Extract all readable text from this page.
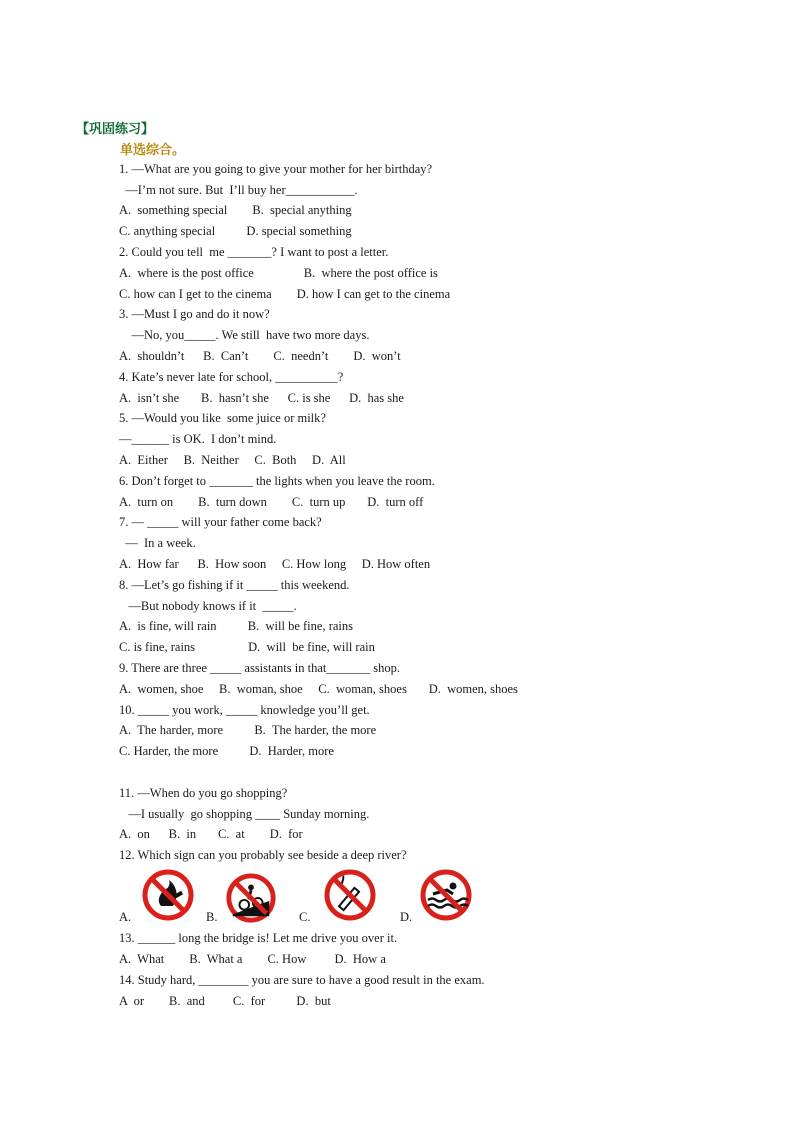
【巩固练习】
单选综合。
1. —What are you going to give your mother for her birthday?
—I’m not sure. But  I’ll buy her___________.
A.  something special        B.  special anything
C. anything special          D. special something
2. Could you tell  me _______? I want to post a letter.
A.  where is the post office                B.  where the post office is
C. how can I get to the cinema        D. how I can get to the cinema
3. —Must I go and do it now?
—No, you_____. We still  have two more days.
A.  shouldn’t      B.  Can’t        C.  needn’t        D.  won’t
4. Kate’s never late for school, __________?
A.  isn’t she       B.  hasn’t she      C. is she      D.  has she
5. —Would you like  some juice or milk?
—______ is OK.  I don’t mind.
A.  Either     B.  Neither     C.  Both     D.  All
6. Don’t forget to _______ the lights when you leave the room.
A.  turn on        B.  turn down        C.  turn up       D.  turn off
7. — _____ will your father come back?
—  In a week.
A.  How far      B.  How soon     C. How long     D. How often
8. —Let’s go fishing if it _____ this weekend.
—But nobody knows if it  _____.
A.  is fine, will rain          B.  will be fine, rains
C. is fine, rains                 D.  will  be fine, will rain
9. There are three _____ assistants in that_______ shop.
A.  women, shoe     B.  woman, shoe     C.  woman, shoes       D.  women, shoes
10. _____ you work, _____ knowledge you’ll get.
A.  The harder, more          B.  The harder, the more
C. Harder, the more          D.  Harder, more
11. —When do you go shopping?
—I usually  go shopping ____ Sunday morning.
A.  on      B.  in       C.  at        D.  for
12. Which sign can you probably see beside a deep river?
A.	B.	C.	D.
13. ______ long the bridge is! Let me drive you over it.
A.  What        B.  What a        C. How         D.  How a
14. Study hard, ________ you are sure to have a good result in the exam.
A  or        B.  and         C.  for          D.  but
